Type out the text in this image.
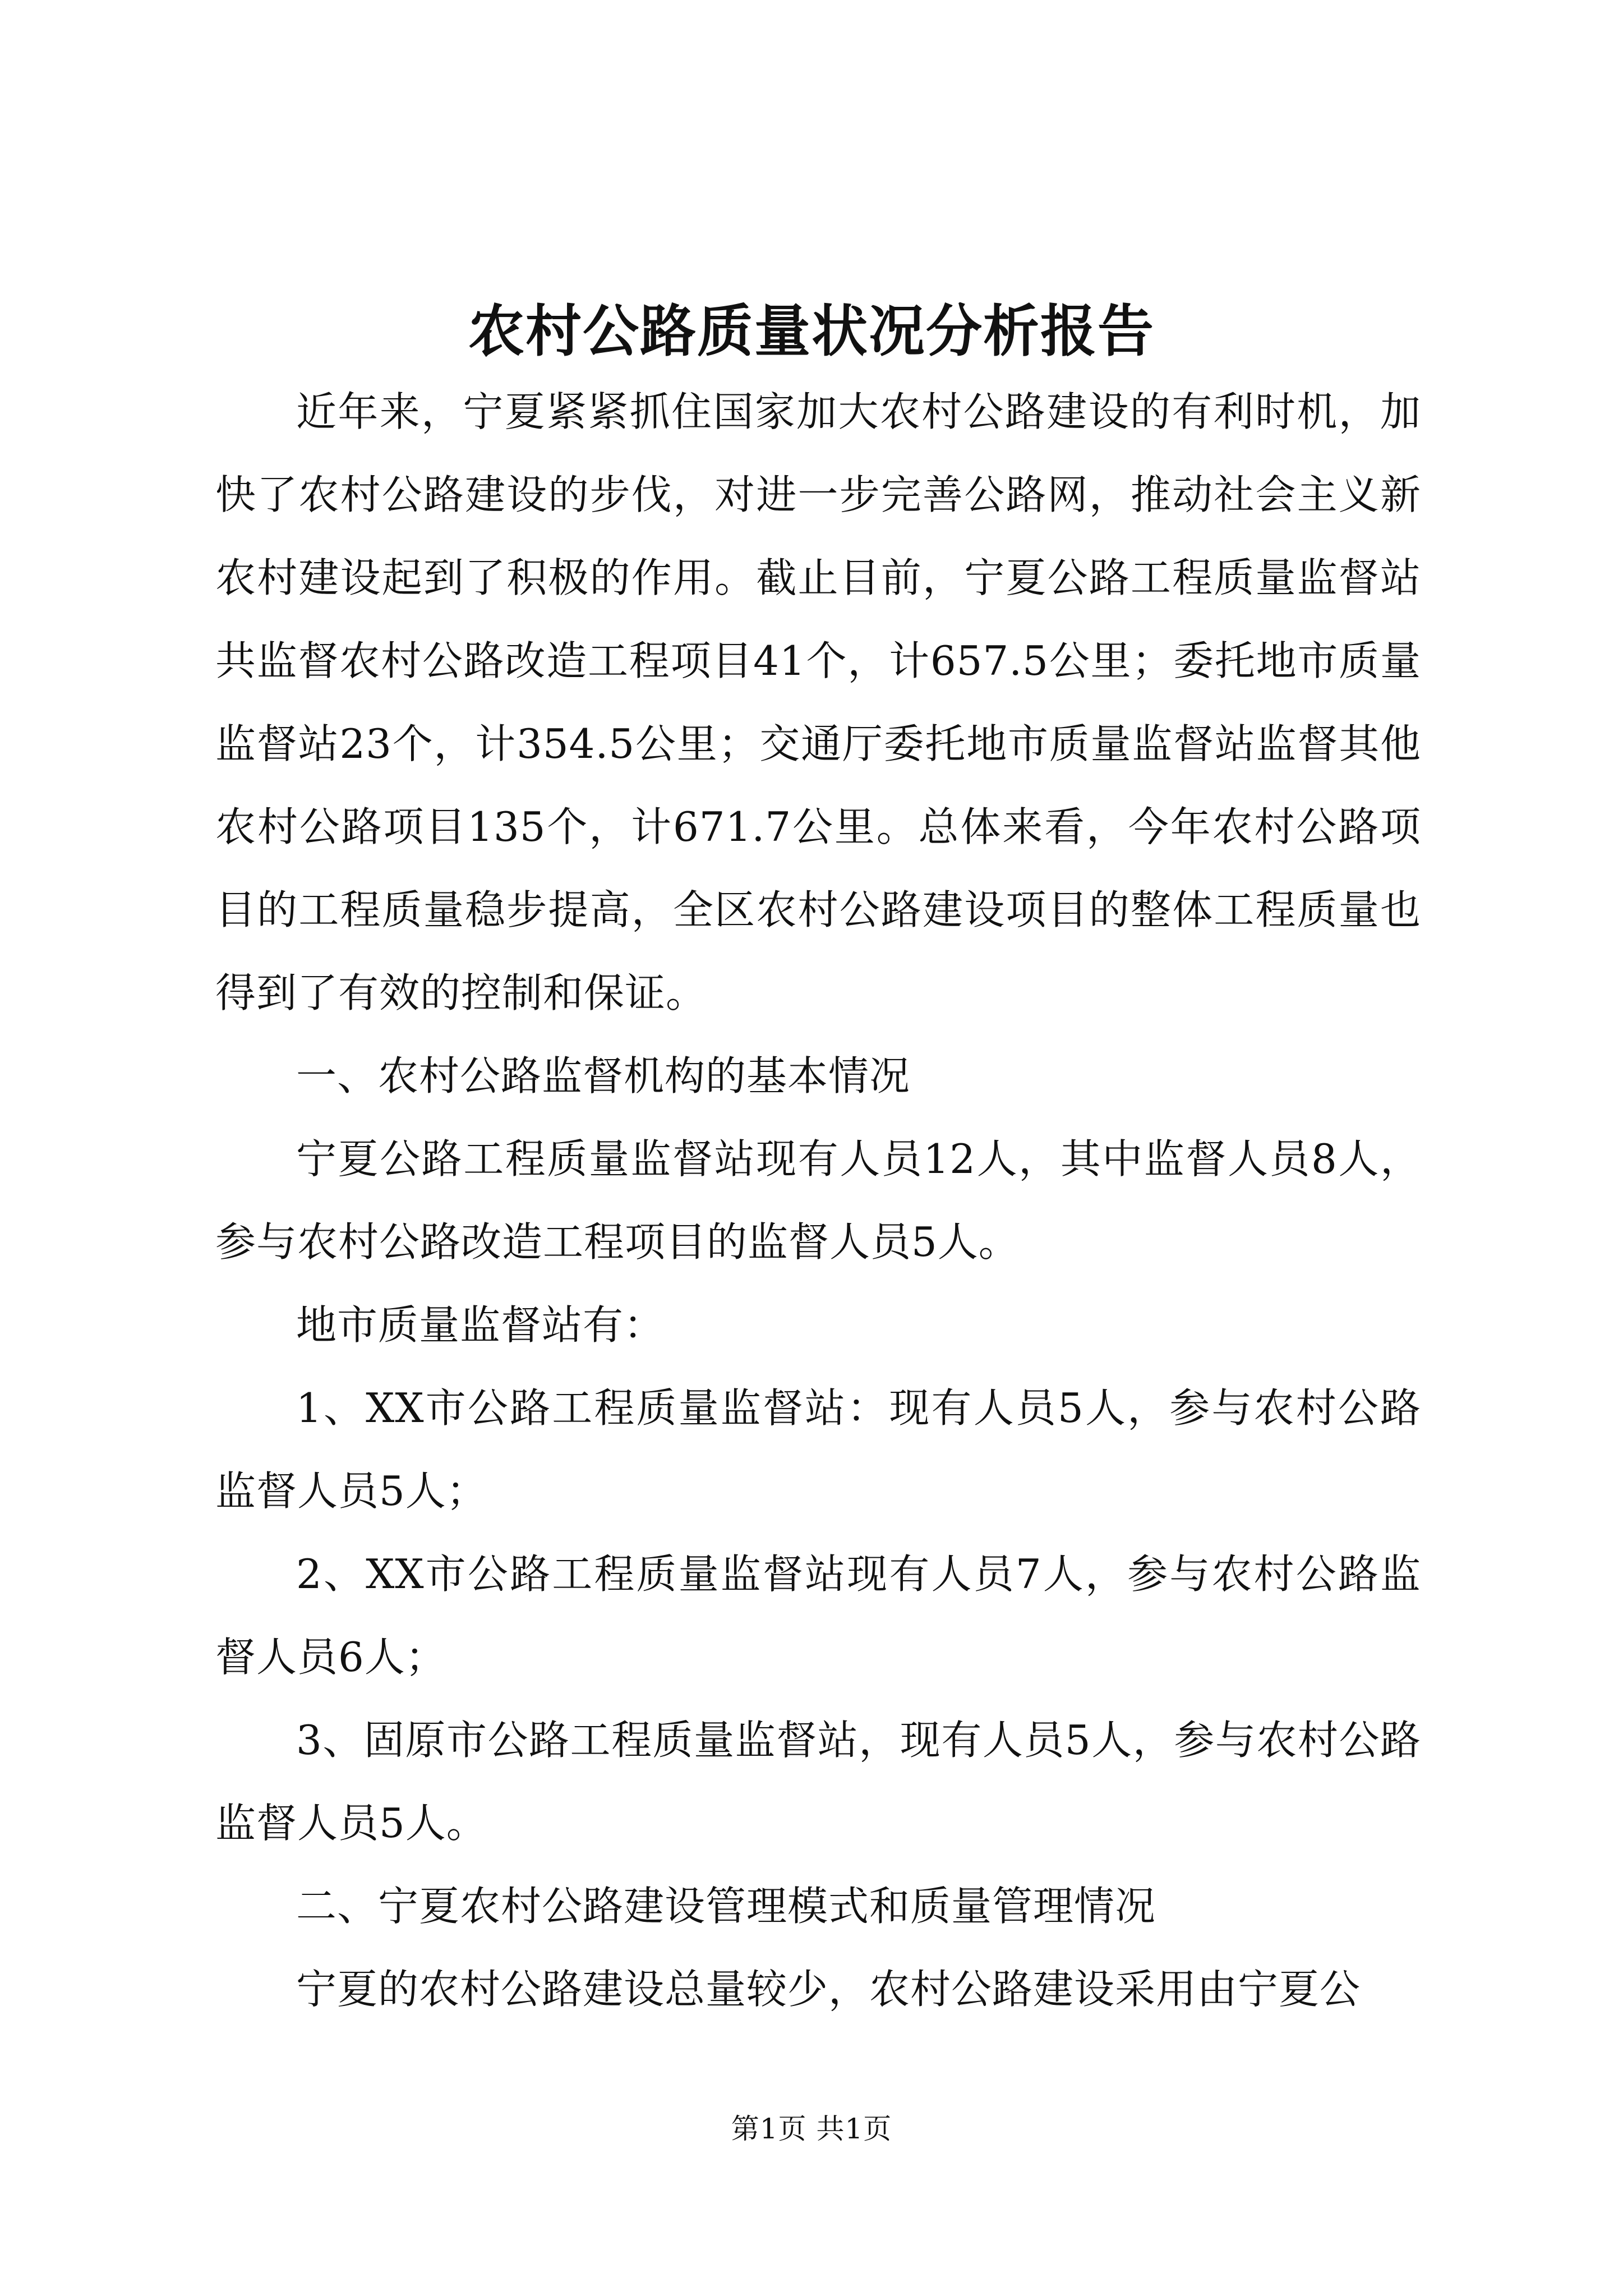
农村公路质量状况分析报告

近年来，宁夏紧紧抓住国家加大农村公路建设的有利时机，加快了农村公路建设的步伐，对进一步完善公路网，推动社会主义新农村建设起到了积极的作用。截止目前，宁夏公路工程质量监督站共监督农村公路改造工程项目41个，计657.5公里；委托地市质量监督站23个，计354.5公里；交通厅委托地市质量监督站监督其他农村公路项目135个，计671.7公里。总体来看，今年农村公路项目的工程质量稳步提高，全区农村公路建设项目的整体工程质量也得到了有效的控制和保证。

一、农村公路监督机构的基本情况

宁夏公路工程质量监督站现有人员12人，其中监督人员8人，参与农村公路改造工程项目的监督人员5人。

地市质量监督站有：

1、XX市公路工程质量监督站：现有人员5人，参与农村公路监督人员5人；

2、XX市公路工程质量监督站现有人员7人，参与农村公路监督人员6人；

3、固原市公路工程质量监督站，现有人员5人，参与农村公路监督人员5人。

二、宁夏农村公路建设管理模式和质量管理情况

宁夏的农村公路建设总量较少，农村公路建设采用由宁夏公

第1页 共1页
